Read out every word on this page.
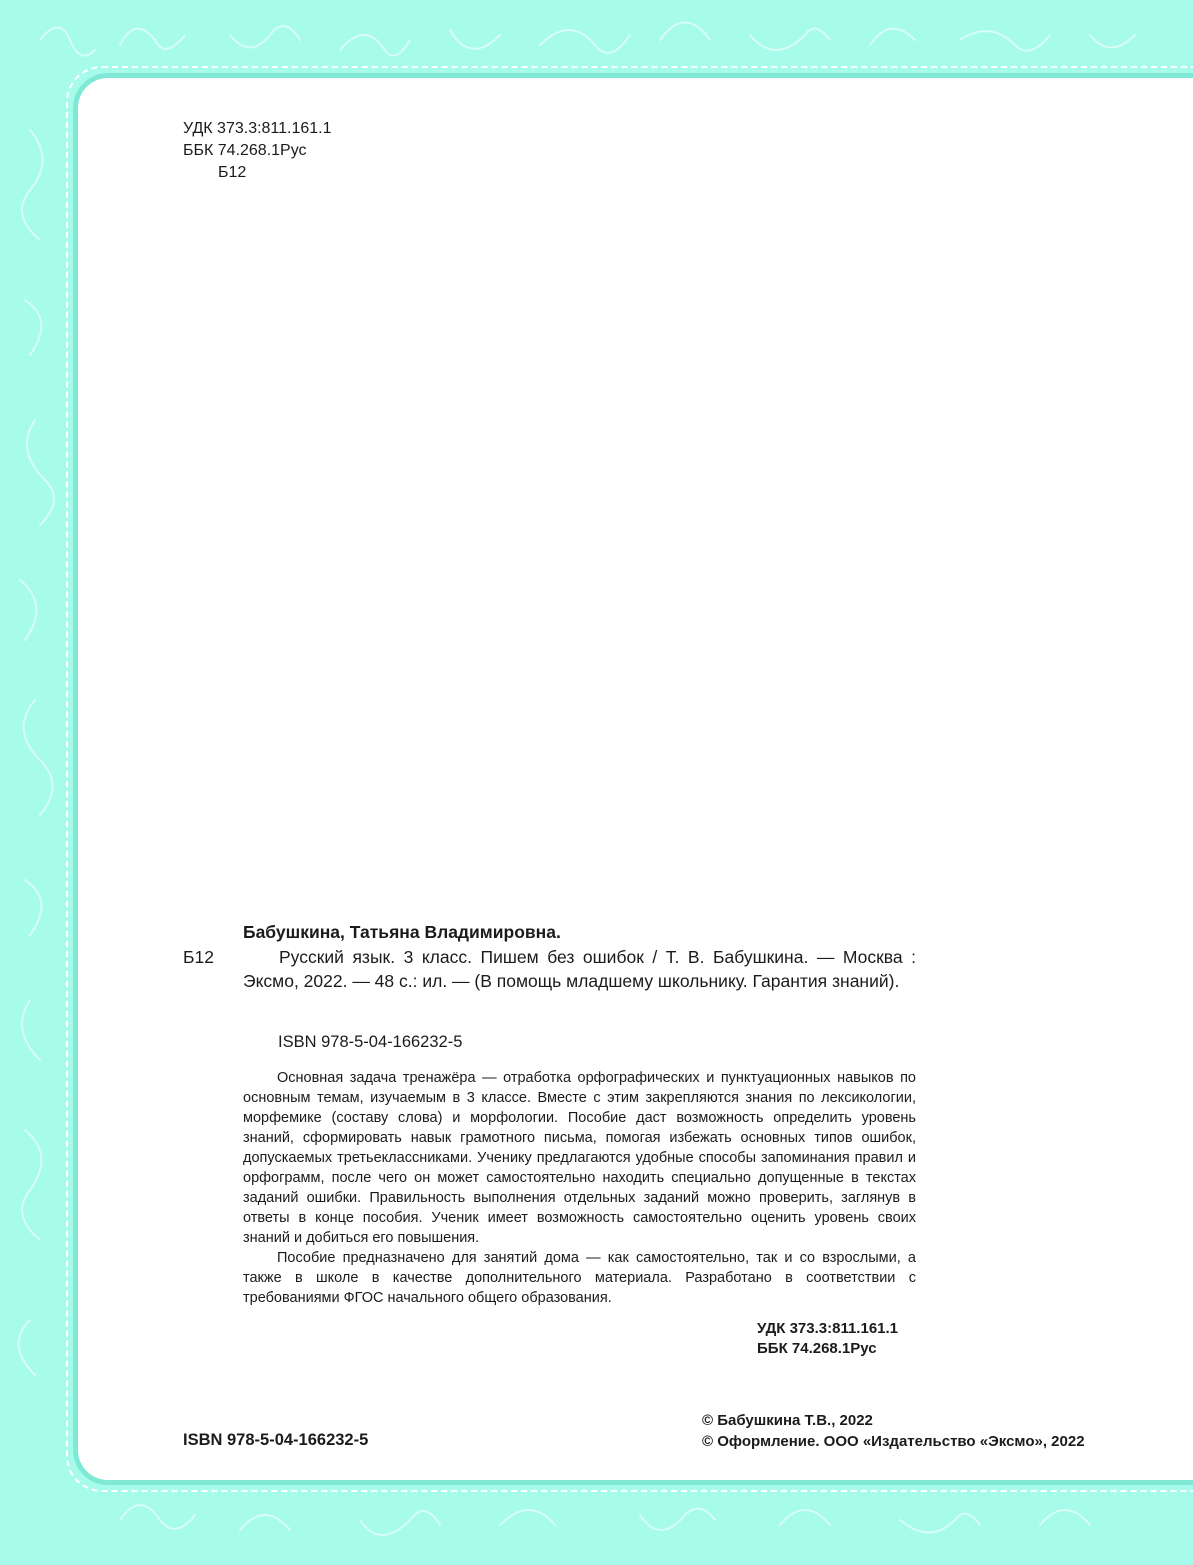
УДК 373.3:811.161.1
ББК 74.268.1Рус
Б12
Бабушкина, Татьяна Владимировна.
Б12	Русский язык. 3 класс. Пишем без ошибок / Т. В. Бабушкина. — Москва : Эксмо, 2022. — 48 с.: ил. — (В помощь младшему школьнику. Гарантия знаний).
ISBN 978-5-04-166232-5

Основная задача тренажёра — отработка орфографических и пунктуационных навыков по основным темам, изучаемым в 3 классе. Вместе с этим закрепляются знания по лексикологии, морфемике (составу слова) и морфологии. Пособие даст возможность определить уровень знаний, сформировать навык грамотного письма, помогая избежать основных типов ошибок, допускаемых третьеклассниками. Ученику предлагаются удобные способы запоминания правил и орфограмм, после чего он может самостоятельно находить специально допущенные в текстах заданий ошибки. Правильность выполнения отдельных заданий можно проверить, заглянув в ответы в конце пособия. Ученик имеет возможность самостоятельно оценить уровень своих знаний и добиться его повышения.

Пособие предназначено для занятий дома — как самостоятельно, так и со взрослыми, а также в школе в качестве дополнительного материала. Разработано в соответствии с требованиями ФГОС начального общего образования.

УДК 373.3:811.161.1
ББК 74.268.1Рус
ISBN 978-5-04-166232-5
© Бабушкина Т.В., 2022
© Оформление. ООО «Издательство «Эксмо», 2022
